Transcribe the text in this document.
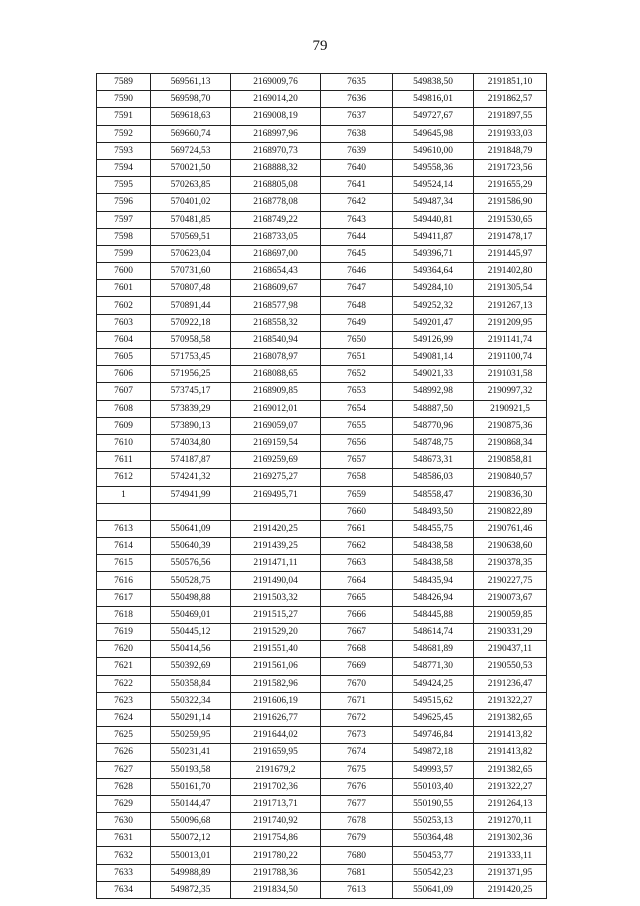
79
7589	569561,13	2169009,76	7635	549838,50	2191851,10
7590	569598,70	2169014,20	7636	549816,01	2191862,57
7591	569618,63	2169008,19	7637	549727,67	2191897,55
7592	569660,74	2168997,96	7638	549645,98	2191933,03
7593	569724,53	2168970,73	7639	549610,00	2191848,79
7594	570021,50	2168888,32	7640	549558,36	2191723,56
7595	570263,85	2168805,08	7641	549524,14	2191655,29
7596	570401,02	2168778,08	7642	549487,34	2191586,90
7597	570481,85	2168749,22	7643	549440,81	2191530,65
7598	570569,51	2168733,05	7644	549411,87	2191478,17
7599	570623,04	2168697,00	7645	549396,71	2191445,97
7600	570731,60	2168654,43	7646	549364,64	2191402,80
7601	570807,48	2168609,67	7647	549284,10	2191305,54
7602	570891,44	2168577,98	7648	549252,32	2191267,13
7603	570922,18	2168558,32	7649	549201,47	2191209,95
7604	570958,58	2168540,94	7650	549126,99	2191141,74
7605	571753,45	2168078,97	7651	549081,14	2191100,74
7606	571956,25	2168088,65	7652	549021,33	2191031,58
7607	573745,17	2168909,85	7653	548992,98	2190997,32
7608	573839,29	2169012,01	7654	548887,50	2190921,5
7609	573890,13	2169059,07	7655	548770,96	2190875,36
7610	574034,80	2169159,54	7656	548748,75	2190868,34
7611	574187,87	2169259,69	7657	548673,31	2190858,81
7612	574241,32	2169275,27	7658	548586,03	2190840,57
1	574941,99	2169495,71	7659	548558,47	2190836,30
			7660	548493,50	2190822,89
7613	550641,09	2191420,25	7661	548455,75	2190761,46
7614	550640,39	2191439,25	7662	548438,58	2190638,60
7615	550576,56	2191471,11	7663	548438,58	2190378,35
7616	550528,75	2191490,04	7664	548435,94	2190227,75
7617	550498,88	2191503,32	7665	548426,94	2190073,67
7618	550469,01	2191515,27	7666	548445,88	2190059,85
7619	550445,12	2191529,20	7667	548614,74	2190331,29
7620	550414,56	2191551,40	7668	548681,89	2190437,11
7621	550392,69	2191561,06	7669	548771,30	2190550,53
7622	550358,84	2191582,96	7670	549424,25	2191236,47
7623	550322,34	2191606,19	7671	549515,62	2191322,27
7624	550291,14	2191626,77	7672	549625,45	2191382,65
7625	550259,95	2191644,02	7673	549746,84	2191413,82
7626	550231,41	2191659,95	7674	549872,18	2191413,82
7627	550193,58	2191679,2	7675	549993,57	2191382,65
7628	550161,70	2191702,36	7676	550103,40	2191322,27
7629	550144,47	2191713,71	7677	550190,55	2191264,13
7630	550096,68	2191740,92	7678	550253,13	2191270,11
7631	550072,12	2191754,86	7679	550364,48	2191302,36
7632	550013,01	2191780,22	7680	550453,77	2191333,11
7633	549988,89	2191788,36	7681	550542,23	2191371,95
7634	549872,35	2191834,50	7613	550641,09	2191420,25
